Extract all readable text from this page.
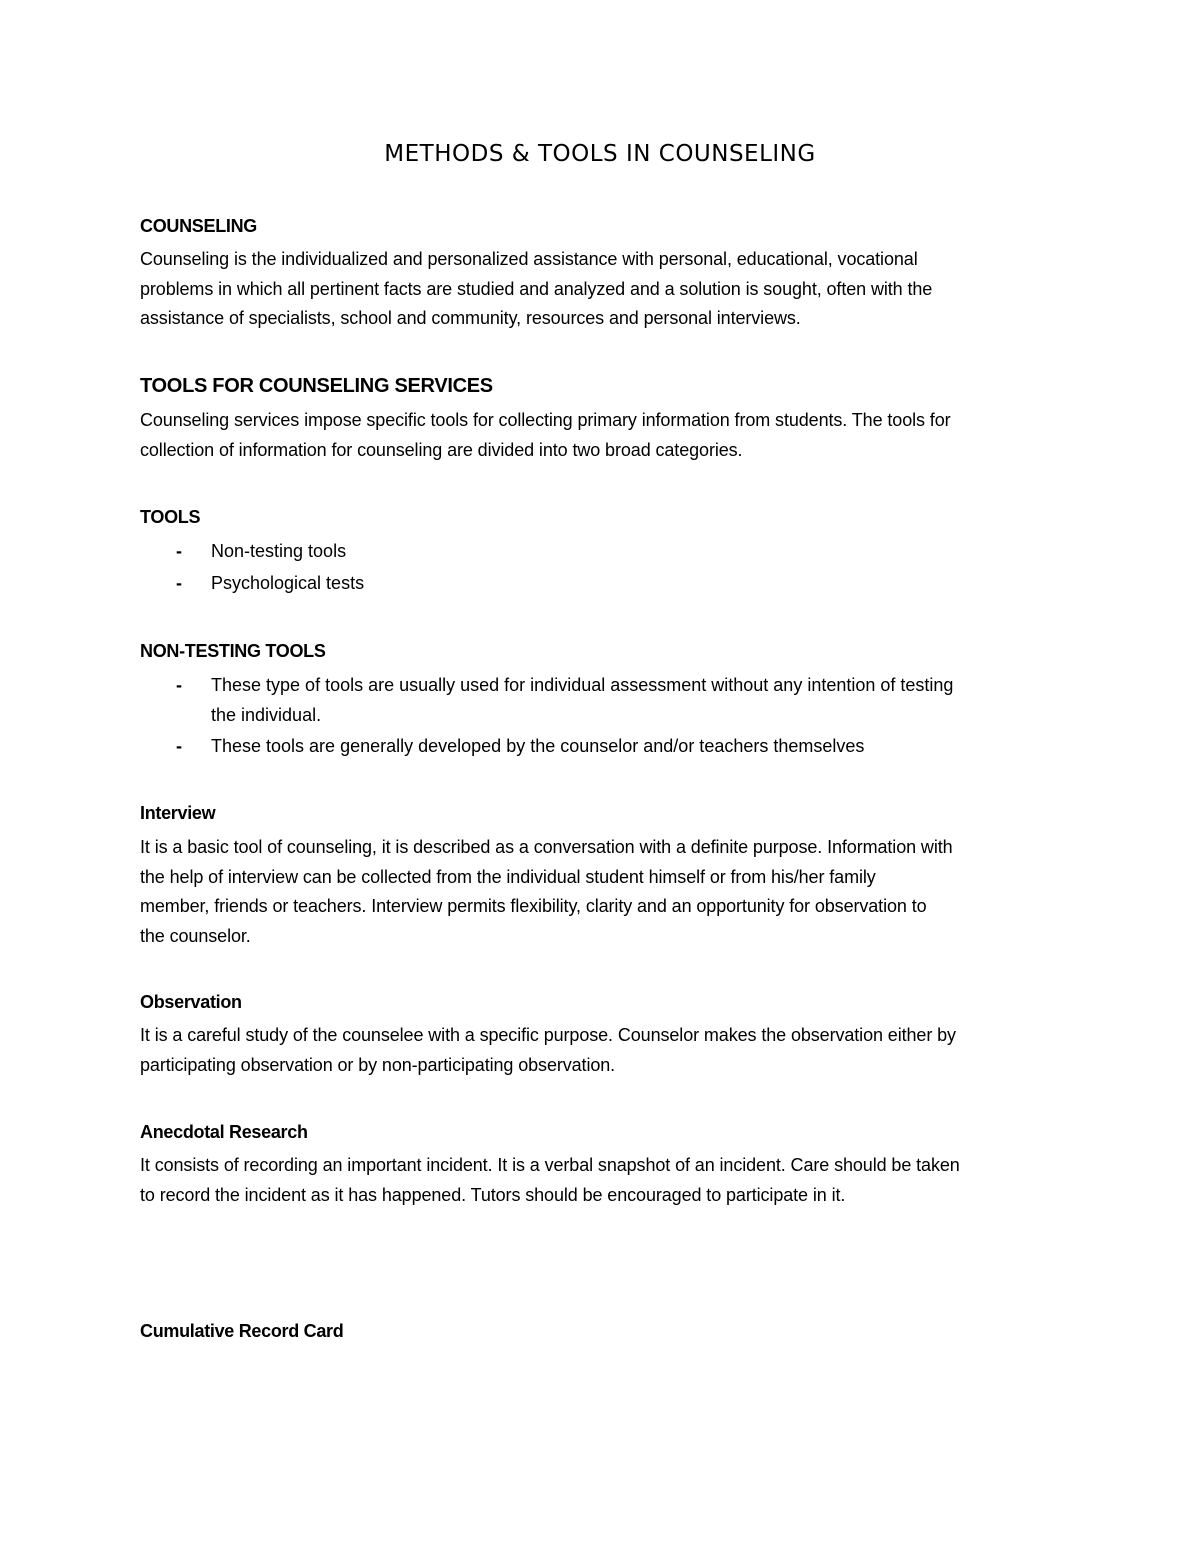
METHODS & TOOLS IN COUNSELING
COUNSELING
Counseling is the individualized and personalized assistance with personal, educational, vocational
problems in which all pertinent facts are studied and analyzed and a solution is sought, often with the
assistance of specialists, school and community, resources and personal interviews.
TOOLS FOR COUNSELING SERVICES
Counseling services impose specific tools for collecting primary information from students. The tools for
collection of information for counseling are divided into two broad categories.
TOOLS
- Non-testing tools
- Psychological tests
NON-TESTING TOOLS
- These type of tools are usually used for individual assessment without any intention of testing
the individual.
- These tools are generally developed by the counselor and/or teachers themselves
Interview
It is a basic tool of counseling, it is described as a conversation with a definite purpose. Information with
the help of interview can be collected from the individual student himself or from his/her family
member, friends or teachers. Interview permits flexibility, clarity and an opportunity for observation to
the counselor.
Observation
It is a careful study of the counselee with a specific purpose. Counselor makes the observation either by
participating observation or by non-participating observation.
Anecdotal Research
It consists of recording an important incident. It is a verbal snapshot of an incident. Care should be taken
to record the incident as it has happened. Tutors should be encouraged to participate in it.
Cumulative Record Card
